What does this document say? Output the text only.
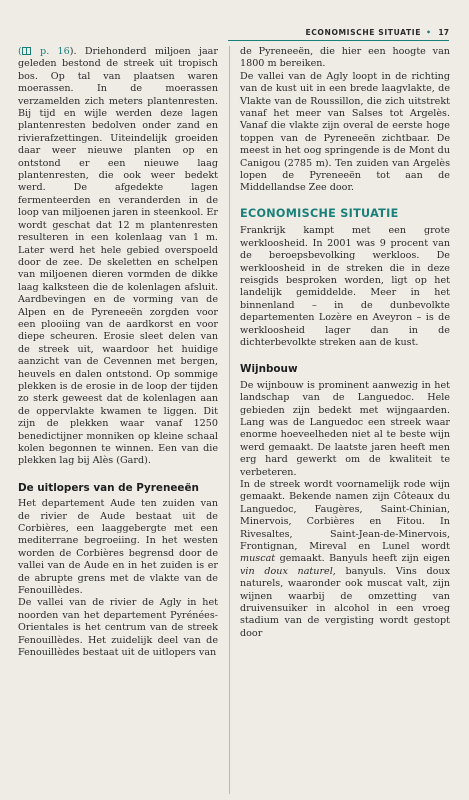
ECONOMISCHE SITUATIE • 17

( p. 16). Driehonderd miljoen jaar geleden bestond de streek uit tropisch bos. Op tal van plaatsen waren moerassen. In de moerassen verzamelden zich meters plantenresten. Bij tijd en wijle werden deze lagen plantenresten bedolven onder zand en rivierafzettingen. Uiteindelijk groeiden daar weer nieuwe planten op en ontstond er een nieuwe laag plantenresten, die ook weer bedekt werd. De afgedekte lagen fermenteerden en veranderden in de loop van miljoenen jaren in steenkool. Er wordt geschat dat 12 m plantenresten resulteren in een kolenlaag van 1 m. Later werd het hele gebied overspoeld door de zee. De skeletten en schelpen van miljoenen dieren vormden de dikke laag kalksteen die de kolenlagen afsluit. Aardbevingen en de vorming van de Alpen en de Pyreneeën zorgden voor een plooiing van de aardkorst en voor diepe scheuren. Erosie sleet delen van de streek uit, waardoor het huidige aanzicht van de Cevennen met bergen, heuvels en dalen ontstond. Op sommige plekken is de erosie in de loop der tijden zo sterk geweest dat de kolenlagen aan de oppervlakte kwamen te liggen. Dit zijn de plekken waar vanaf 1250 benedictijner monniken op kleine schaal kolen begonnen te winnen. Een van die plekken lag bij Alès (Gard).

De uitlopers van de Pyreneeën

Het departement Aude ten zuiden van de rivier de Aude bestaat uit de Corbières, een laaggebergte met een mediterrane begroeiing. In het westen worden de Corbières begrensd door de vallei van de Aude en in het zuiden is er de abrupte grens met de vlakte van de Fenouillèdes.

De vallei van de rivier de Agly in het noorden van het departement Pyrénées-Orientales is het centrum van de streek Fenouillèdes. Het zuidelijk deel van de Fenouillèdes bestaat uit de uitlopers van

de Pyreneeën, die hier een hoogte van 1800 m bereiken.

De vallei van de Agly loopt in de richting van de kust uit in een brede laagvlakte, de Vlakte van de Roussillon, die zich uitstrekt vanaf het meer van Salses tot Argelès. Vanaf die vlakte zijn overal de eerste hoge toppen van de Pyreneeën zichtbaar. De meest in het oog springende is de Mont du Canigou (2785 m). Ten zuiden van Argelès lopen de Pyreneeën tot aan de Middellandse Zee door.

ECONOMISCHE SITUATIE

Frankrijk kampt met een grote werkloosheid. In 2001 was 9 procent van de beroepsbevolking werkloos. De werkloosheid in de streken die in deze reisgids besproken worden, ligt op het landelijk gemiddelde. Meer in het binnenland – in de dunbevolkte departementen Lozère en Aveyron – is de werkloosheid lager dan in de dichterbevolkte streken aan de kust.

Wijnbouw

De wijnbouw is prominent aanwezig in het landschap van de Languedoc. Hele gebieden zijn bedekt met wijngaarden. Lang was de Languedoc een streek waar enorme hoeveelheden niet al te beste wijn werd gemaakt. De laatste jaren heeft men erg hard gewerkt om de kwaliteit te verbeteren.

In de streek wordt voornamelijk rode wijn gemaakt. Bekende namen zijn Côteaux du Languedoc, Faugères, Saint-Chinian, Minervois, Corbières en Fitou. In Rivesaltes, Saint-Jean-de-Minervois, Frontignan, Mireval en Lunel wordt muscat gemaakt. Banyuls heeft zijn eigen vin doux naturel, banyuls. Vins doux naturels, waaronder ook muscat valt, zijn wijnen waarbij de omzetting van druivensuiker in alcohol in een vroeg stadium van de vergisting wordt gestopt door
